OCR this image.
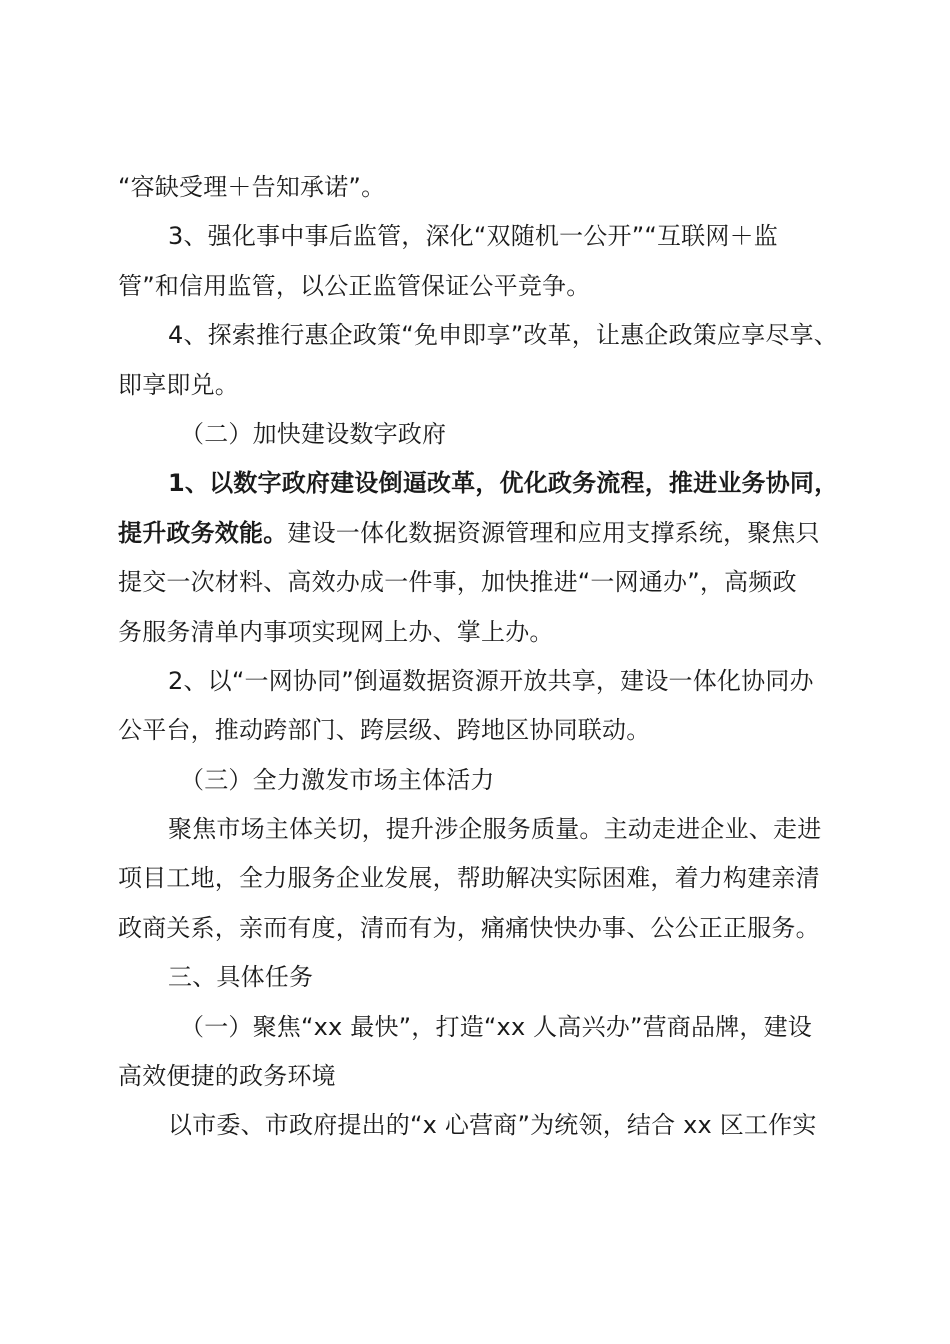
“容缺受理＋告知承诺”。
3、强化事中事后监管，深化“双随机一公开”“互联网＋监
管”和信用监管，以公正监管保证公平竞争。
4、探索推行惠企政策“免申即享”改革，让惠企政策应享尽享、
即享即兑。
（二）加快建设数字政府
1、以数字政府建设倒逼改革，优化政务流程，推进业务协同，
提升政务效能。建设一体化数据资源管理和应用支撑系统，聚焦只
提交一次材料、高效办成一件事，加快推进“一网通办”，高频政
务服务清单内事项实现网上办、掌上办。
2、以“一网协同”倒逼数据资源开放共享，建设一体化协同办
公平台，推动跨部门、跨层级、跨地区协同联动。
（三）全力激发市场主体活力
聚焦市场主体关切，提升涉企服务质量。主动走进企业、走进
项目工地，全力服务企业发展，帮助解决实际困难，着力构建亲清
政商关系，亲而有度，清而有为，痛痛快快办事、公公正正服务。
三、具体任务
（一）聚焦“xx 最快”，打造“xx 人高兴办”营商品牌，建设
高效便捷的政务环境
以市委、市政府提出的“x 心营商”为统领，结合 xx 区工作实
